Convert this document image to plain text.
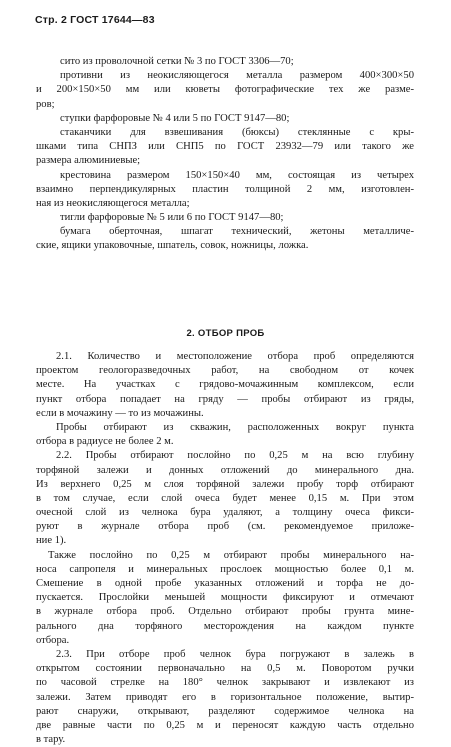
Стр. 2 ГОСТ 17644—83
сито из проволочной сетки № 3 по ГОСТ 3306—70;
противни из неокисляющегося металла размером 400×300×50
и 200×150×50 мм или кюветы фотографические тех же разме-
ров;
ступки фарфоровые № 4 или 5 по ГОСТ 9147—80;
стаканчики для взвешивания (бюксы) стеклянные с кры-
шками типа СНПЗ или СНП5 по ГОСТ 23932—79 или такого же
размера алюминиевые;
крестовина размером 150×150×40 мм, состоящая из четырех
взаимно перпендикулярных пластин толщиной 2 мм, изготовлен-
ная из неокисляющегося металла;
тигли фарфоровые № 5 или 6 по ГОСТ 9147—80;
бумага оберточная, шпагат технический, жетоны металличе-
ские, ящики упаковочные, шпатель, совок, ножницы, ложка.
2. ОТБОР ПРОБ
2.1. Количество и местоположение отбора проб определяются
проектом геологоразведочных работ, на свободном от кочек
месте. На участках с грядово-мочажинным комплексом, если
пункт отбора попадает на гряду — пробы отбирают из гряды,
если в мочажину — то из мочажины.
Пробы отбирают из скважин, расположенных вокруг пункта
отбора в радиусе не более 2 м.
2.2. Пробы отбирают послойно по 0,25 м на всю глубину
торфяной залежи и донных отложений до минерального дна.
Из верхнего 0,25 м слоя торфяной залежи пробу торф отбирают
в том случае, если слой очеса будет менее 0,15 м. При этом
очесной слой из челнока бура удаляют, а толщину очеса фикси-
руют в журнале отбора проб (см. рекомендуемое приложе-
ние 1).
Также послойно по 0,25 м отбирают пробы минерального на-
носа сапропеля и минеральных прослоек мощностью более 0,1 м.
Смешение в одной пробе указанных отложений и торфа не до-
пускается. Прослойки меньшей мощности фиксируют и отмечают
в журнале отбора проб. Отдельно отбирают пробы грунта мине-
рального дна торфяного месторождения на каждом пункте
отбора.
2.3. При отборе проб челнок бура погружают в залежь в
открытом состоянии первоначально на 0,5 м. Поворотом ручки
по часовой стрелке на 180° челнок закрывают и извлекают из
залежи. Затем приводят его в горизонтальное положение, вытир-
рают снаружи, открывают, разделяют содержимое челнока на
две равные части по 0,25 м и переносят каждую часть отдельно
в тару.
